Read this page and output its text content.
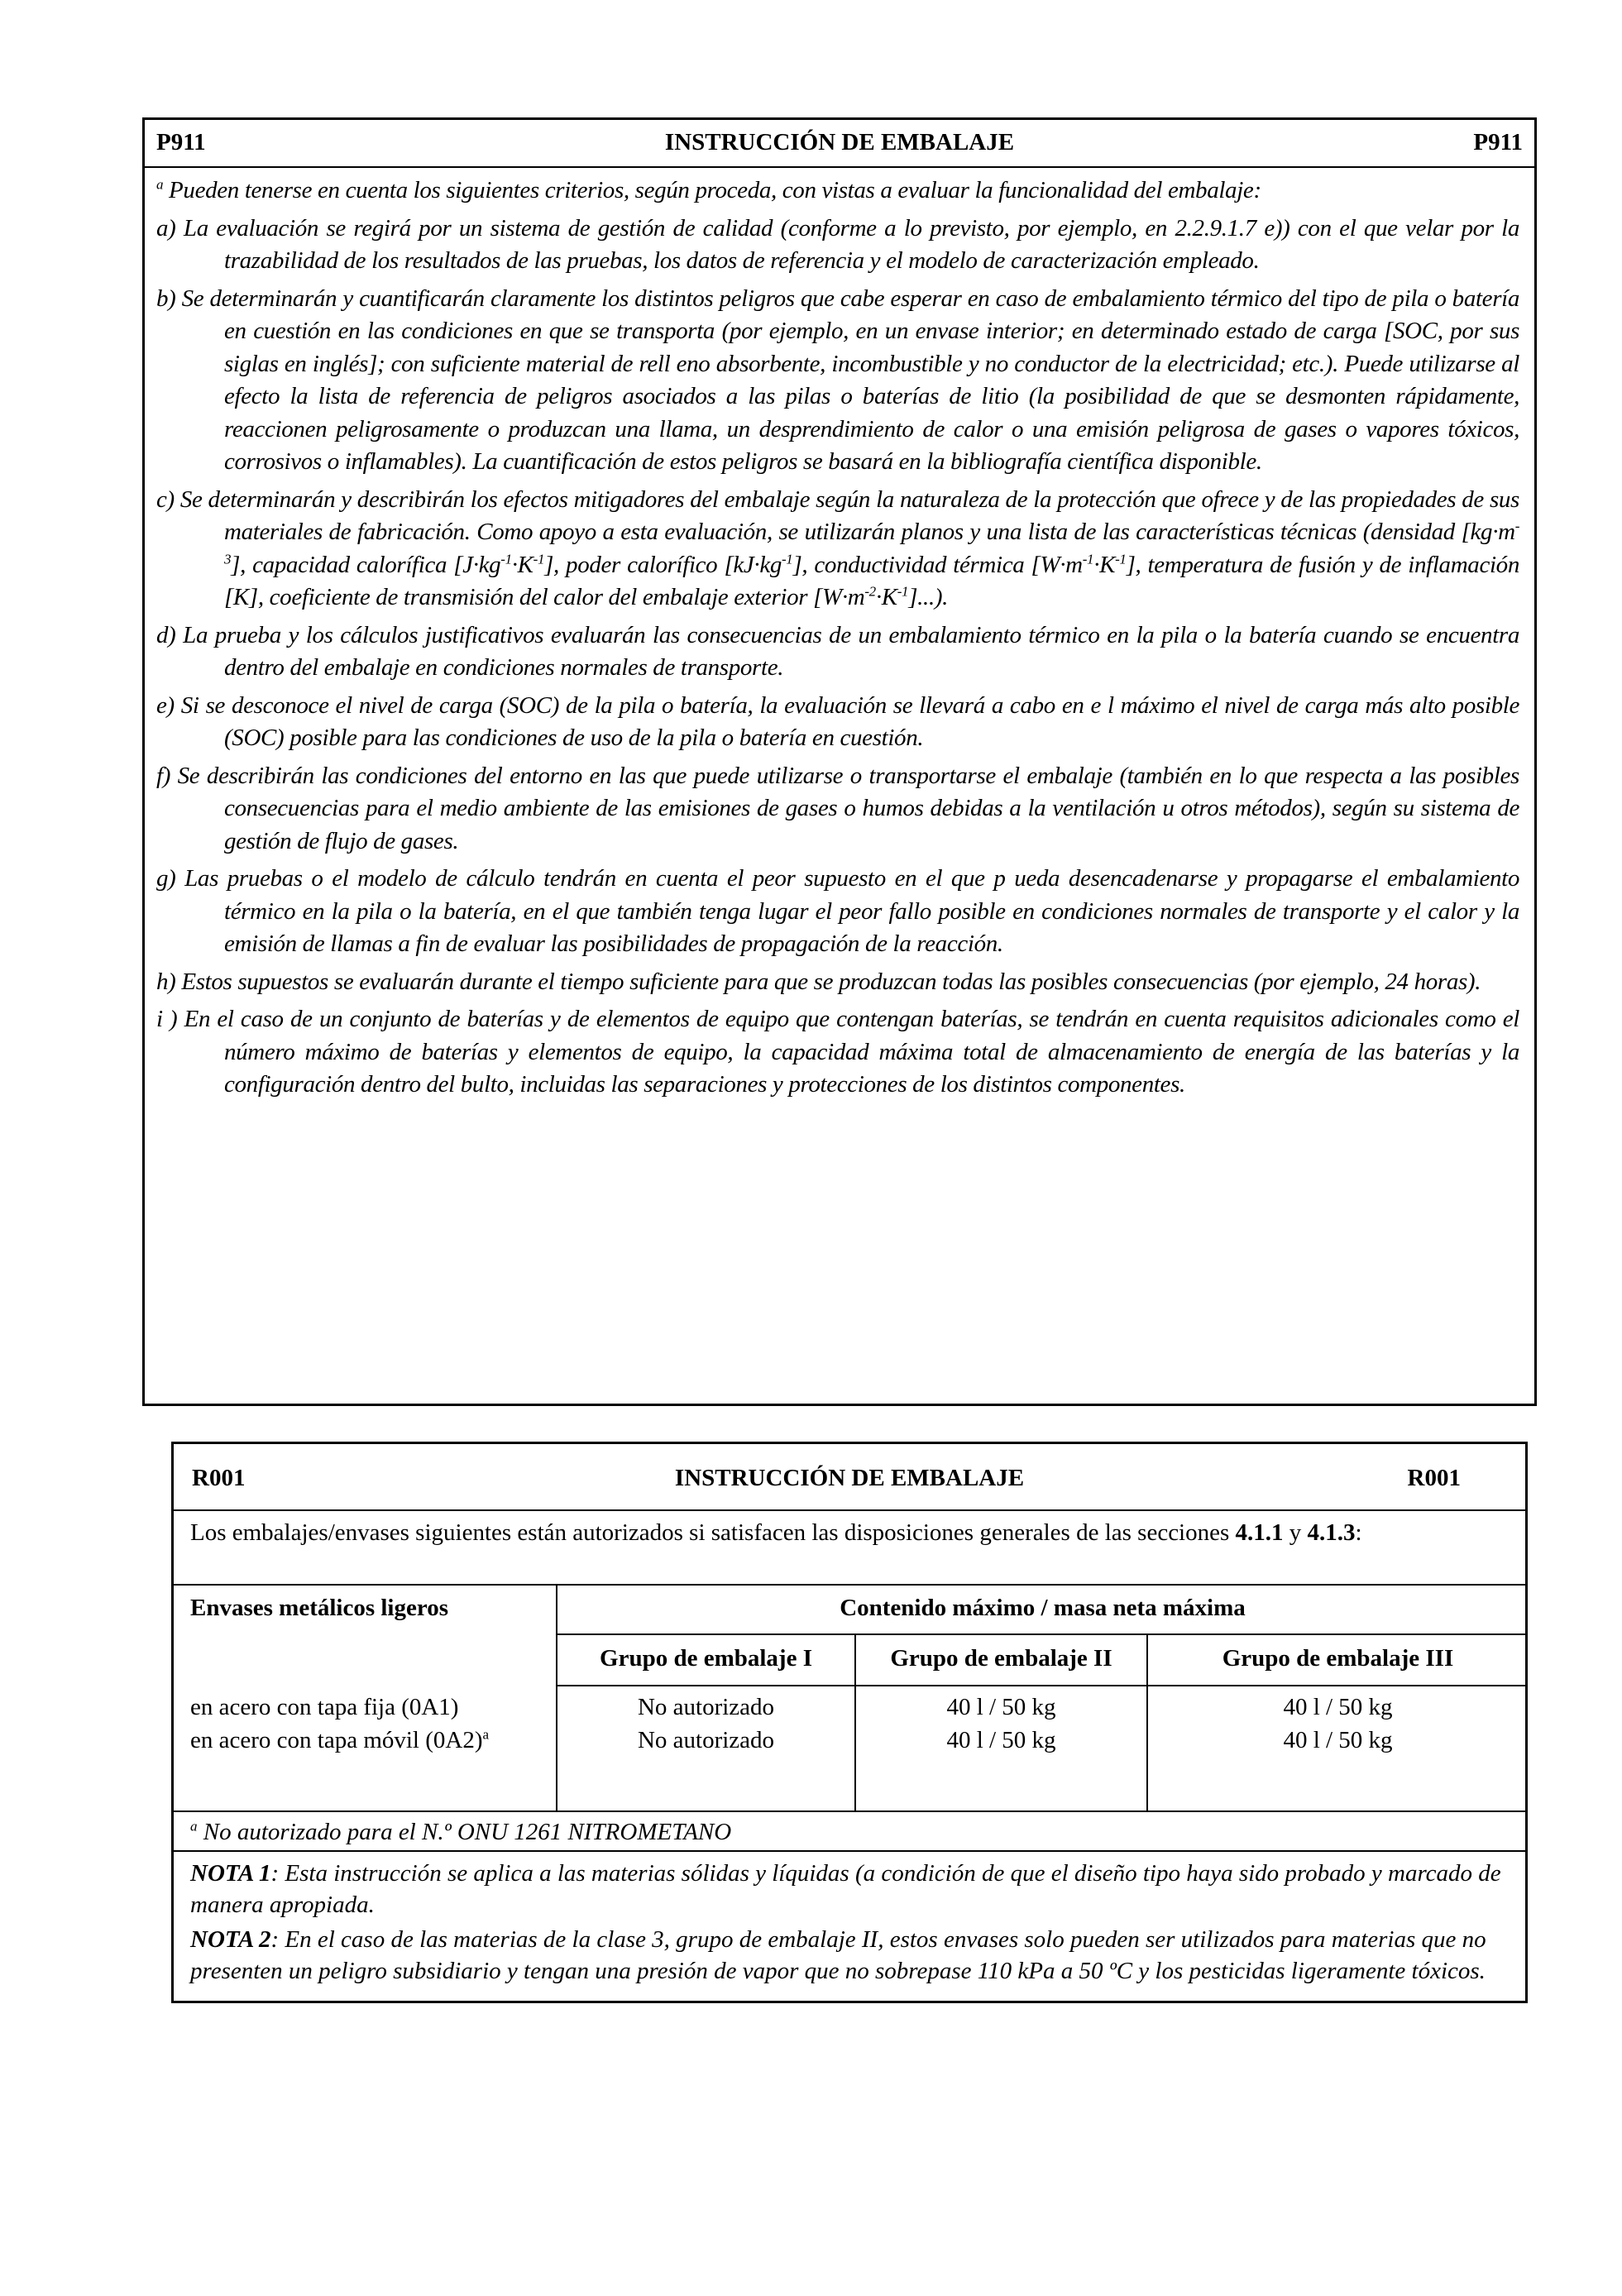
INSTRUCCIÓN DE EMBALAJE
P911	P911

$^a$ Pueden tenerse en cuenta los siguientes criterios, según proceda, con vistas a evaluar la funcionalidad del embalaje:

a) La evaluación se regirá por un sistema de gestión de calidad (conforme a lo previsto, por ejemplo, en 2.2.9.1.7 e)) con el que velar por la trazabilidad de los resultados de las pruebas, los datos de referencia y el modelo de caracterización empleado.

b) Se determinarán y cuantificarán claramente los distintos peligros que cabe esperar en caso de embalamiento térmico del tipo de pila o batería en cuestión en las condiciones en que se transporta (por ejemplo, en un envase interior; en determinado estado de carga [SOC, por sus siglas en inglés]; con suficiente material de rell eno absorbente, incombustible y no conductor de la electricidad; etc.). Puede utilizarse al efecto la lista de referencia de peligros asociados a las pilas o baterías de litio (la posibilidad de que se desmonten rápidamente, reaccionen peligrosamente o produzcan una llama, un desprendimiento de calor o una emisión peligrosa de gases o vapores tóxicos, corrosivos o inflamables). La cuantificación de estos peligros se basará en la bibliografía científica disponible.

c) Se determinarán y describirán los efectos mitigadores del embalaje según la naturaleza de la protección que ofrece y de las propiedades de sus materiales de fabricación. Como apoyo a esta evaluación, se utilizarán planos y una lista de las características técnicas (densidad $[kg\cdot m^{-3}]$, capacidad calorífica $[J\cdot kg^{-1}\cdot K^{-1}]$, poder calorífico $[kJ\cdot kg^{-1}]$, conductividad térmica $[W\cdot m^{-1}\cdot K^{-1}]$, temperatura de fusión y de inflamación [K], coeficiente de transmisión del calor del embalaje exterior $[W\cdot m^{-2}\cdot K^{-1}]$...).

d) La prueba y los cálculos justificativos evaluarán las consecuencias de un embalamiento térmico en la pila o la batería cuando se encuentra dentro del embalaje en condiciones normales de transporte.

e) Si se desconoce el nivel de carga (SOC) de la pila o batería, la evaluación se llevará a cabo en e l máximo el nivel de carga más alto posible (SOC) posible para las condiciones de uso de la pila o batería en cuestión.

f) Se describirán las condiciones del entorno en las que puede utilizarse o transportarse el embalaje (también en lo que respecta a las posibles consecuencias para el medio ambiente de las emisiones de gases o humos debidas a la ventilación u otros métodos), según su sistema de gestión de flujo de gases.

g) Las pruebas o el modelo de cálculo tendrán en cuenta el peor supuesto en el que p ueda desencadenarse y propagarse el embalamiento térmico en la pila o la batería, en el que también tenga lugar el peor fallo posible en condiciones normales de transporte y el calor y la emisión de llamas a fin de evaluar las posibilidades de propagación de la reacción.

h) Estos supuestos se evaluarán durante el tiempo suficiente para que se produzcan todas las posibles consecuencias (por ejemplo, 24 horas).

i ) En el caso de un conjunto de baterías y de elementos de equipo que contengan baterías, se tendrán en cuenta requisitos adicionales como el número máximo de baterías y elementos de equipo, la capacidad máxima total de almacenamiento de energía de las baterías y la configuración dentro del bulto, incluidas las separaciones y protecciones de los distintos componentes.

INSTRUCCIÓN DE EMBALAJE
R001	R001
Los embalajes/envases siguientes están autorizados si satisfacen las disposiciones generales de las secciones 4.1.1 y 4.1.3:
Envases metálicos ligeros	Contenido máximo / masa neta máxima
Grupo de embalaje I	Grupo de embalaje II	Grupo de embalaje III
en acero con tapa fija (0A1)	No autorizado	40 l / 50 kg	40 l / 50 kg
en acero con tapa móvil $(0A2)^a$	No autorizado	40 l / 50 kg	40 l / 50 kg
$^a$ No autorizado para el N.º ONU 1261 NITROMETANO

NOTA 1: Esta instrucción se aplica a las materias sólidas y líquidas (a condición de que el diseño tipo haya sido probado y marcado de manera apropiada.

NOTA 2: En el caso de las materias de la clase 3, grupo de embalaje II, estos envases solo pueden ser utilizados para materias que no presenten un peligro subsidiario y tengan una presión de vapor que no sobrepase 110 kPa a 50 ºC y los pesticidas ligeramente tóxicos.
